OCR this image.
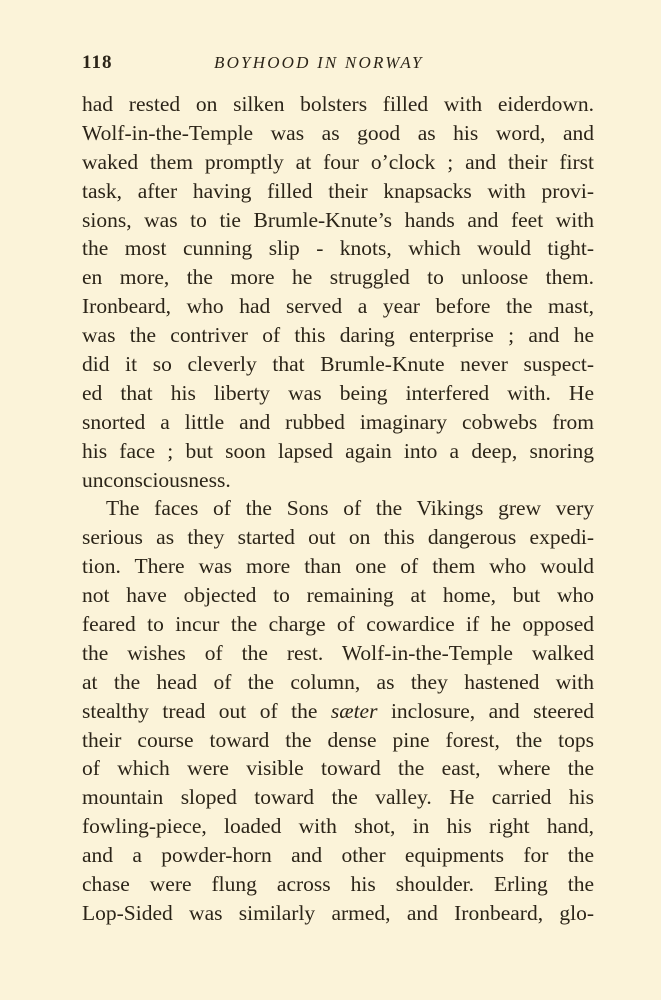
118	BOYHOOD IN NORWAY
had rested on silken bolsters filled with eiderdown.
Wolf-in-the-Temple was as good as his word, and
waked them promptly at four o’clock ; and their first
task, after having filled their knapsacks with provi-
sions, was to tie Brumle-Knute’s hands and feet with
the most cunning slip - knots, which would tight-
en more, the more he struggled to unloose them.
Ironbeard, who had served a year before the mast,
was the contriver of this daring enterprise ; and he
did it so cleverly that Brumle-Knute never suspect-
ed that his liberty was being interfered with. He
snorted a little and rubbed imaginary cobwebs from
his face ; but soon lapsed again into a deep, snoring
unconsciousness.
The faces of the Sons of the Vikings grew very
serious as they started out on this dangerous expedi-
tion. There was more than one of them who would
not have objected to remaining at home, but who
feared to incur the charge of cowardice if he opposed
the wishes of the rest. Wolf-in-the-Temple walked
at the head of the column, as they hastened with
stealthy tread out of the sæter inclosure, and steered
their course toward the dense pine forest, the tops
of which were visible toward the east, where the
mountain sloped toward the valley. He carried his
fowling-piece, loaded with shot, in his right hand,
and a powder-horn and other equipments for the
chase were flung across his shoulder. Erling the
Lop-Sided was similarly armed, and Ironbeard, glo-
